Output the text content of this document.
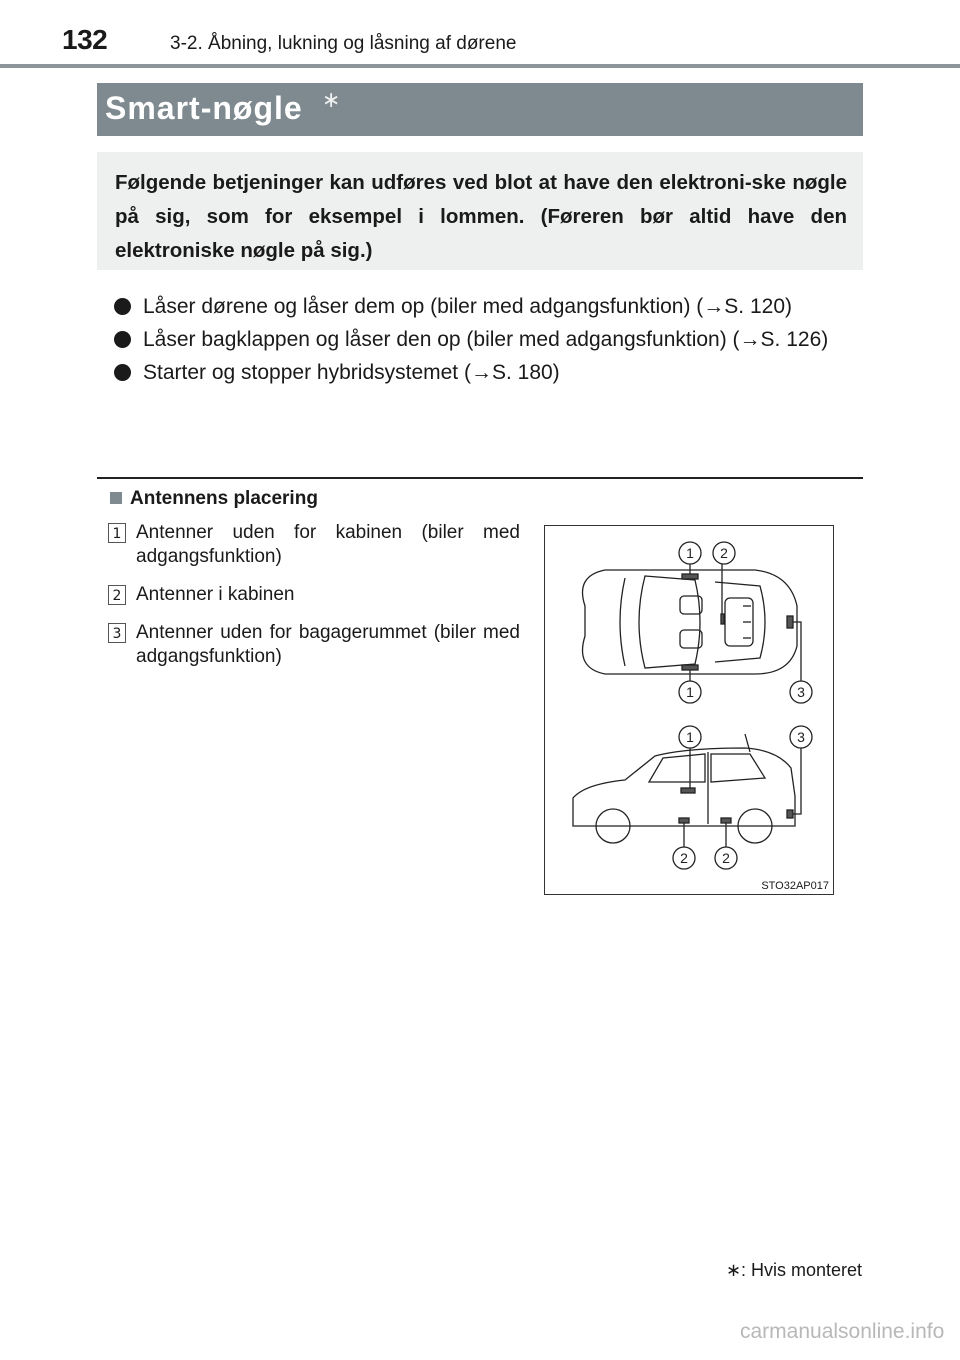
132	3-2. Åbning, lukning og låsning af dørene
Smart-nøgle ∗
Følgende betjeninger kan udføres ved blot at have den elektroni-ske nøgle på sig, som for eksempel i lommen. (Føreren bør altid have den elektroniske nøgle på sig.)
Låser dørene og låser dem op (biler med adgangsfunktion) (→S. 120)
Låser bagklappen og låser den op (biler med adgangsfunktion) (→S. 126)
Starter og stopper hybridsystemet (→S. 180)
Antennens placering
1 Antenner uden for kabinen (biler med adgangsfunktion)
2 Antenner i kabinen
3 Antenner uden for bagagerummet (biler med adgangsfunktion)
1 2
1	3
1	3
2 2
STO32AP017
∗: Hvis monteret
carmanualsonline.info
